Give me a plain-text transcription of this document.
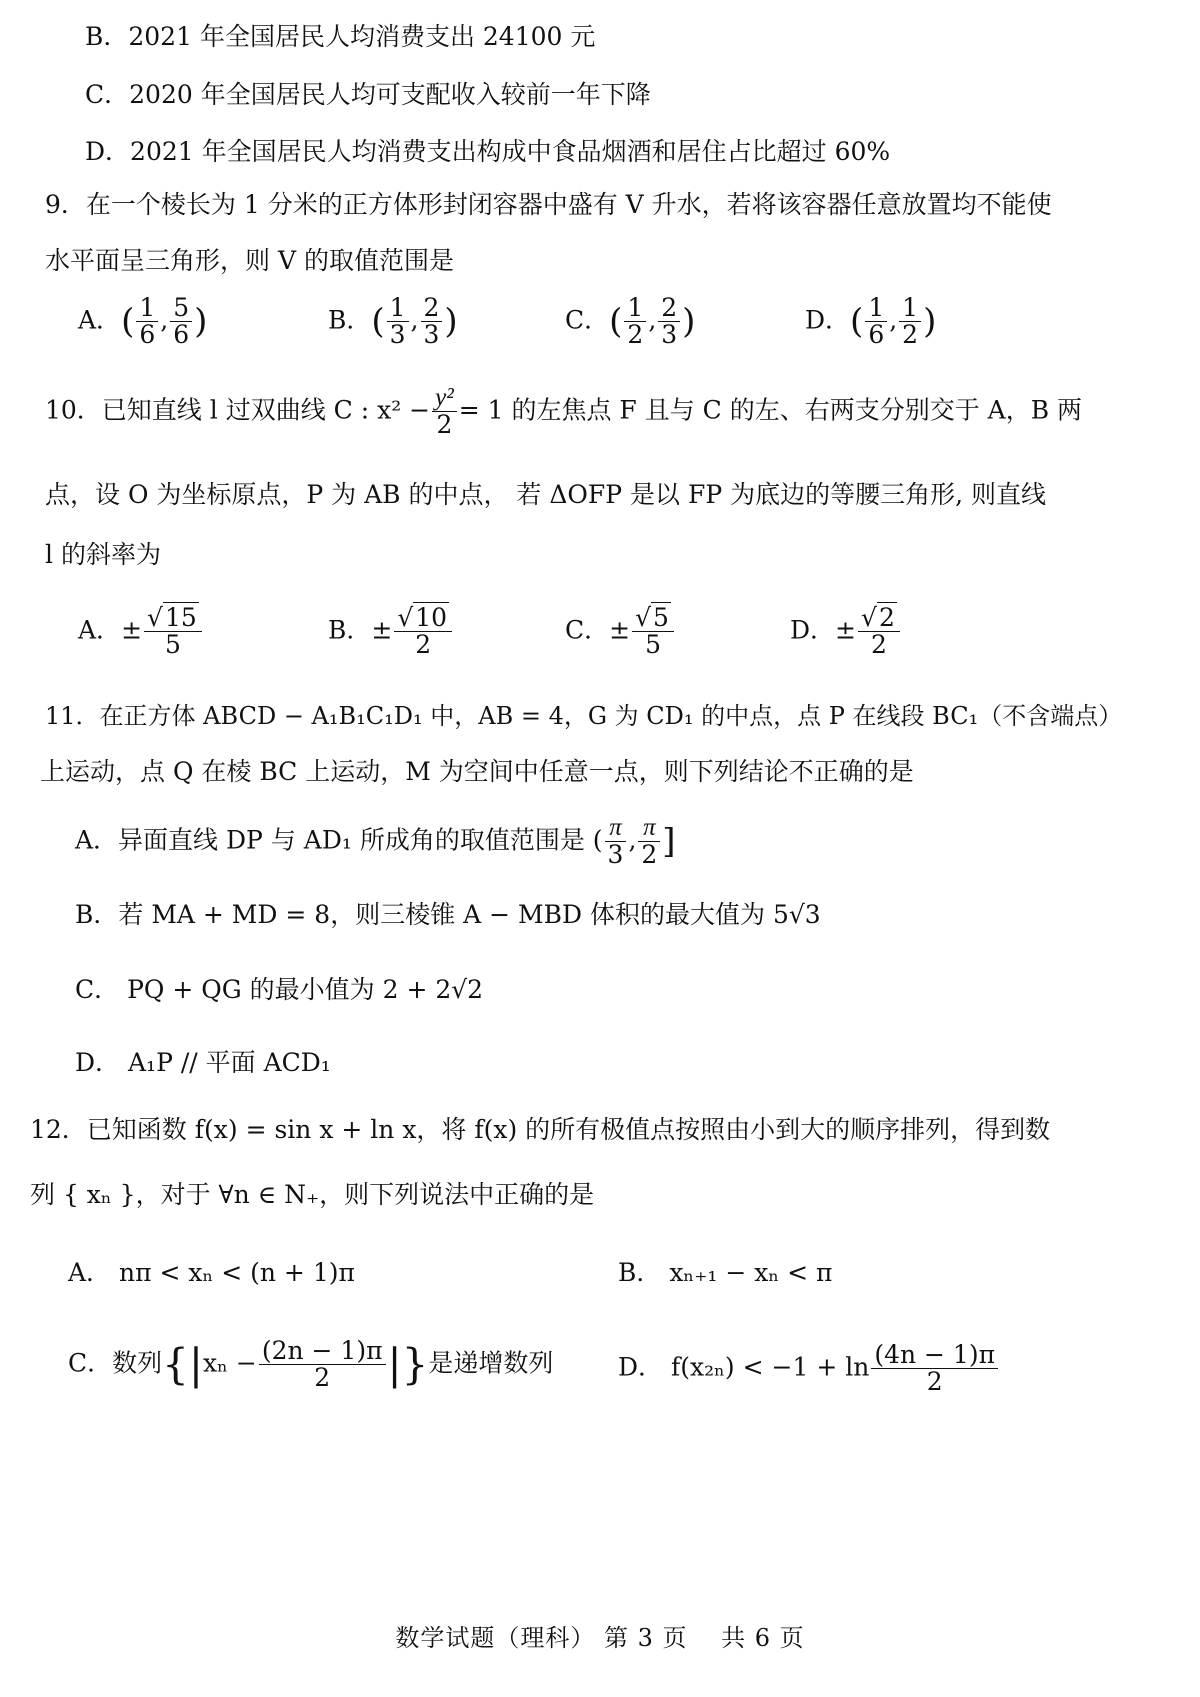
B．2021 年全国居民人均消费支出 24100 元
C．2020 年全国居民人均可支配收入较前一年下降
D．2021 年全国居民人均消费支出构成中食品烟酒和居住占比超过 60%
9．在一个棱长为 1 分米的正方体形封闭容器中盛有 V 升水，若将该容器任意放置均不能使
水平面呈三角形，则 V 的取值范围是
A．( $\frac{1}{6}$ , $\frac{5}{6}$ )	B．( $\frac{1}{3}$ , $\frac{2}{3}$ )	C．( $\frac{1}{2}$ , $\frac{2}{3}$ )	D．( $\frac{1}{6}$ , $\frac{1}{2}$ )
10．已知直线 l 过双曲线 C : $x^2 - \frac{\text{y²}}{2} = 1$ 的左焦点 F 且与 C 的左、右两支分别交于 A，B 两
点，设 O 为坐标原点，P 为 AB 的中点， 若 ΔOFP 是以 FP 为底边的等腰三角形, 则直线
l 的斜率为
A．± $\frac{√15}{5}$	B．± $\frac{√10}{2}$	C．± $\frac{√5}{5}$	D．± $\frac{√2}{2}$
11．在正方体 ABCD − A₁B₁C₁D₁ 中，AB = 4，G 为 CD₁ 的中点，点 P 在线段 BC₁（不含端点）
上运动，点 Q 在棱 BC 上运动，M 为空间中任意一点，则下列结论不正确的是
A．异面直线 DP 与 AD₁ 所成角的取值范围是 ( $\frac{\pi}{3}$ , $\frac{\pi}{2}$ ]
B．若 MA + MD = 8，则三棱锥 A − MBD 体积的最大值为 5√3
C． PQ + QG 的最小值为 2 + 2√2
D． A₁P // 平面 ACD₁
12．已知函数 f(x) = sin x + ln x，将 f(x) 的所有极值点按照由小到大的顺序排列，得到数
列 { xₙ }，对于 ∀n ∈ N₊，则下列说法中正确的是
A． nπ < xₙ < (n + 1)π	B． xₙ₊₁ − xₙ < π
C．数列{$|x_n - \frac{(2n - 1)\pi}{2}$ |}是递增数列	D． $f(x_{2n}) < -1 + \ln \frac{(4n - 1)\pi}{2}$
数学试题（理科） 第 3 页 　共 6 页
